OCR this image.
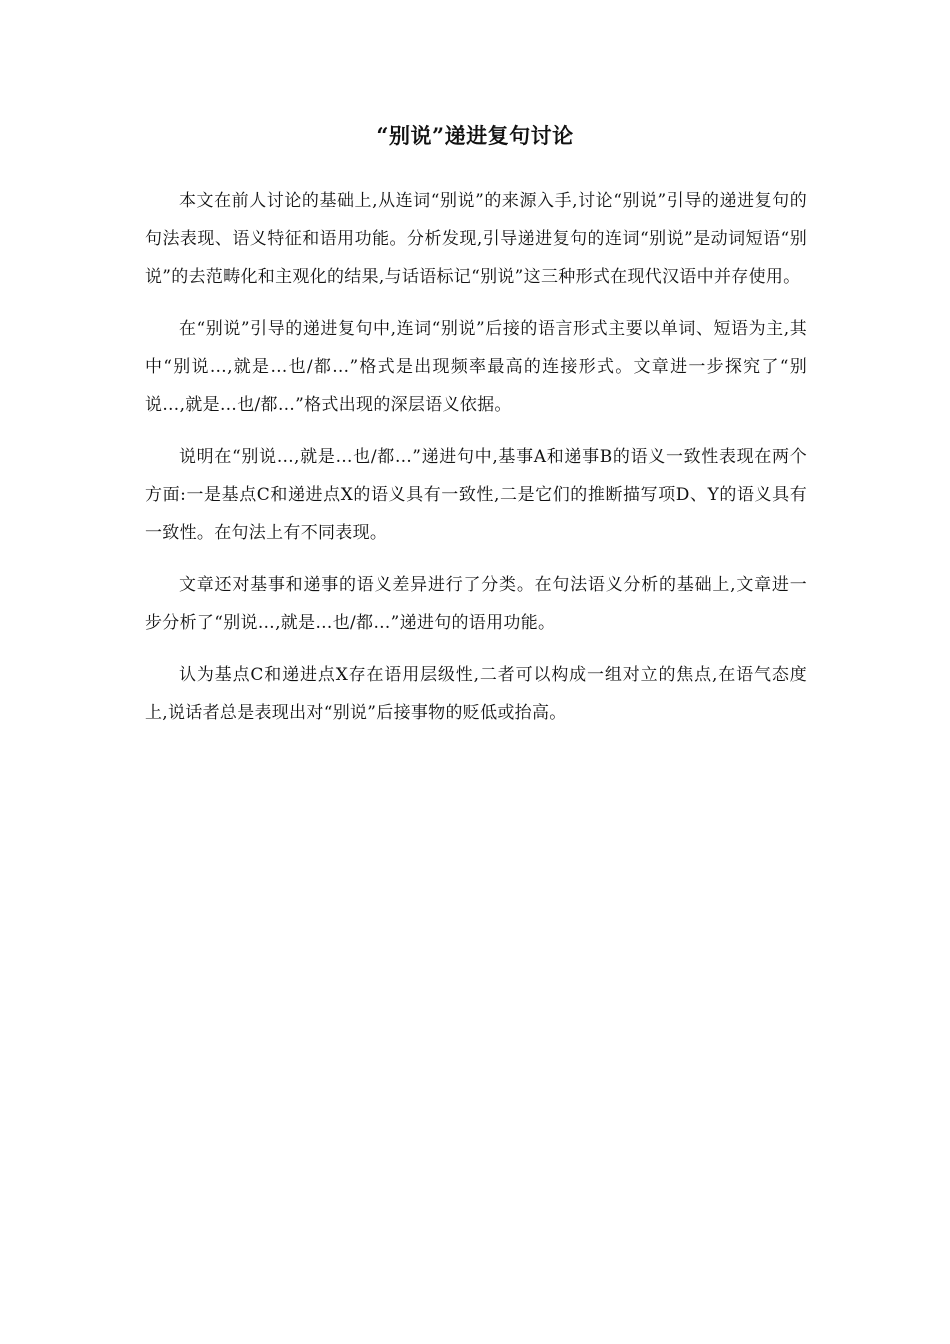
“别说”递进复句讨论

本文在前人讨论的基础上,从连词“别说”的来源入手,讨论“别说”引导的递进复句的句法表现、语义特征和语用功能。分析发现,引导递进复句的连词“别说”是动词短语“别说”的去范畴化和主观化的结果,与话语标记“别说”这三种形式在现代汉语中并存使用。

在“别说”引导的递进复句中,连词“别说”后接的语言形式主要以单词、短语为主,其中“别说…,就是…也/都…”格式是出现频率最高的连接形式。文章进一步探究了“别说…,就是…也/都…”格式出现的深层语义依据。

说明在“别说…,就是…也/都…”递进句中,基事A和递事B的语义一致性表现在两个方面:一是基点C和递进点X的语义具有一致性,二是它们的推断描写项D、Y的语义具有一致性。在句法上有不同表现。

文章还对基事和递事的语义差异进行了分类。在句法语义分析的基础上,文章进一步分析了“别说…,就是…也/都…”递进句的语用功能。

认为基点C和递进点X存在语用层级性,二者可以构成一组对立的焦点,在语气态度上,说话者总是表现出对“别说”后接事物的贬低或抬高。
